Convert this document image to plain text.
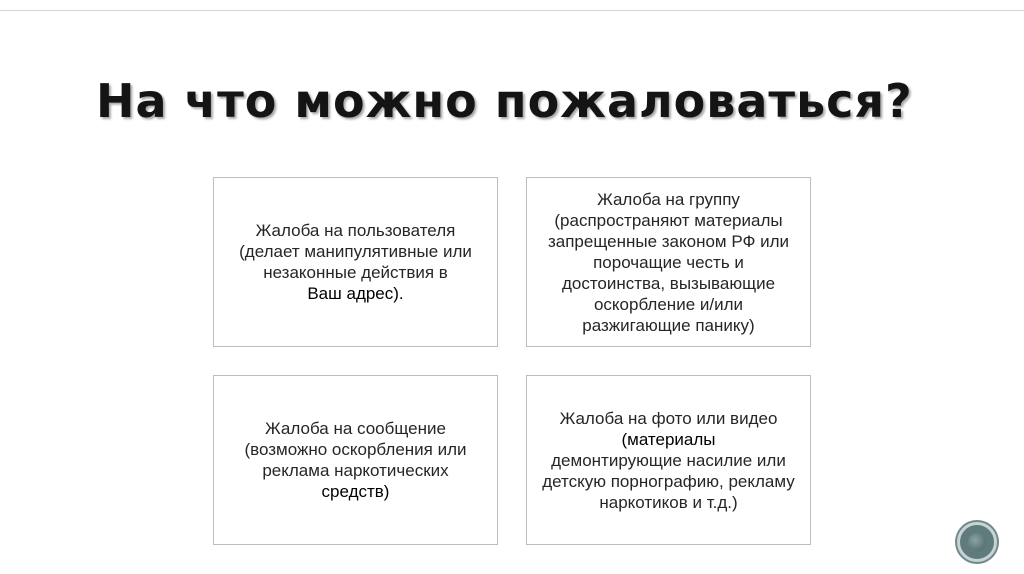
На что можно пожаловаться?
Жалоба на пользователя (делает манипулятивные или незаконные действия в
Ваш адрес).
Жалоба на группу (распространяют материалы запрещенные законом РФ или порочащие честь и достоинства, вызывающие оскорбление и/или разжигающие панику)
Жалоба на сообщение (возможно оскорбления или реклама наркотических
средств)
Жалоба на фото или видео
(материалы
демонтирующие насилие или детскую порнографию, рекламу наркотиков и т.д.)
